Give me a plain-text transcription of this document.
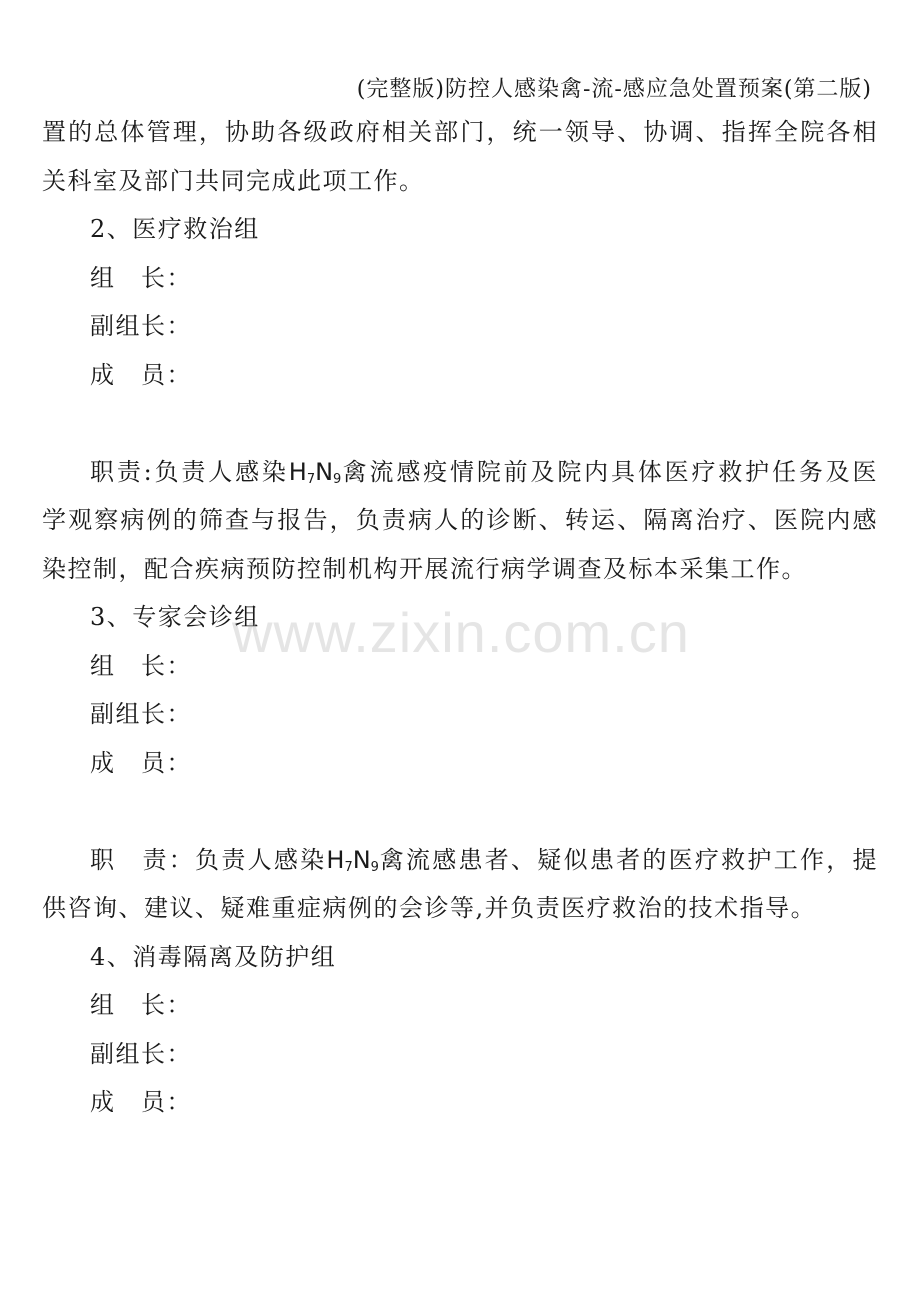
(完整版)防控人感染禽-流-感应急处置预案(第二版)

置的总体管理，协助各级政府相关部门，统一领导、协调、指挥全院各相

关科室及部门共同完成此项工作。

2、医疗救治组

组　长：

副组长：

成　员：

职责:负责人感染$H_7N_9$禽流感疫情院前及院内具体医疗救护任务及医

学观察病例的筛查与报告，负责病人的诊断、转运、隔离治疗、医院内感

染控制，配合疾病预防控制机构开展流行病学调查及标本采集工作。

3、专家会诊组

组　长：

副组长：

成　员：

职　责：负责人感染$H_7N_9$禽流感患者、疑似患者的医疗救护工作，提

供咨询、建议、疑难重症病例的会诊等,并负责医疗救治的技术指导。

4、消毒隔离及防护组

组　长：

副组长：

成　员：

www.zixin.com.cn
